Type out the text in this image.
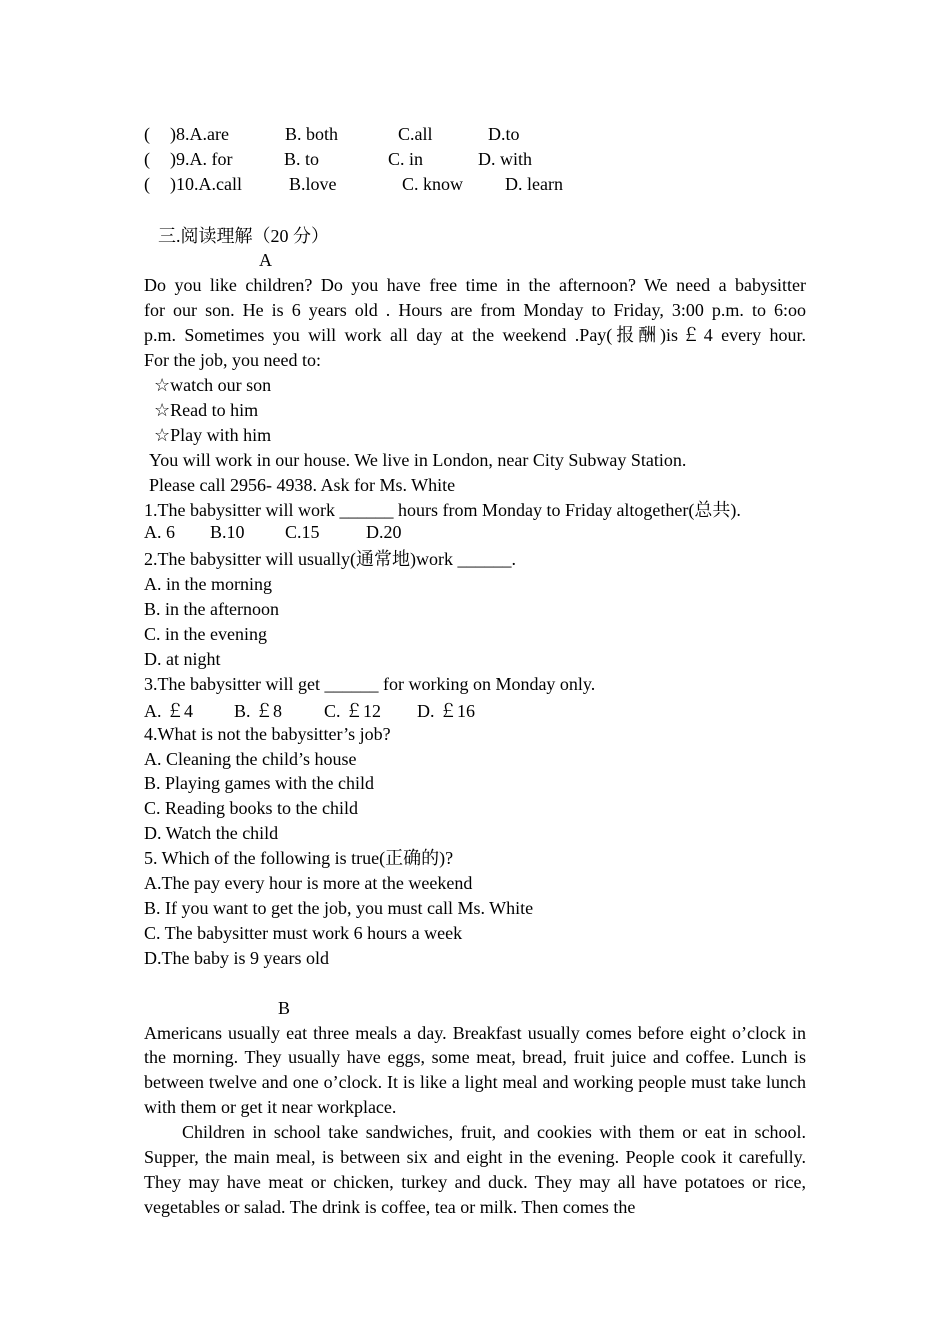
( )8.A.are	B. both	C.all	D.to
( )9.A. for	B. to	C. in	D. with
( )10.A.call	B.love	C. know D. learn
三.阅读理解（20 分）
A
Do you like children? Do you have free time in the afternoon? We need a babysitter
for our son. He is 6 years old . Hours are from Monday to Friday, 3:00 p.m. to 6:oo
p.m. Sometimes you will work all day at the weekend .Pay(报酬)is￡4 every hour.
For the job, you need to:
☆watch our son
☆Read to him
☆Play with him
You will work in our house. We live in London, near City Subway Station.
Please call 2956- 4938. Ask for Ms. White
1.The babysitter will work ______ hours from Monday to Friday altogether(总共).
A. 6 B.10 C.15	D.20
2.The babysitter will usually(通常地)work ______.
A. in the morning
B. in the afternoon
C. in the evening
D. at night
3.The babysitter will get ______ for working on Monday only.
A. ￡4 B. ￡8 C. ￡12 D. ￡16
4.What is not the babysitter’s job?
A. Cleaning the child’s house
B. Playing games with the child
C. Reading books to the child
D. Watch the child
5. Which of the following is true(正确的)?
A.The pay every hour is more at the weekend
B. If you want to get the job, you must call Ms. White
C. The babysitter must work 6 hours a week
D.The baby is 9 years old
B
Americans usually eat three meals a day. Breakfast usually comes before eight o’clock in the morning. They usually have eggs, some meat, bread, fruit juice and coffee. Lunch is between twelve and one o’clock. It is like a light meal and working people must take lunch with them or get it near workplace.
Children in school take sandwiches, fruit, and cookies with them or eat in school. Supper, the main meal, is between six and eight in the evening. People cook it carefully. They may have meat or chicken, turkey and duck. They may all have potatoes or rice, vegetables or salad. The drink is coffee, tea or milk. Then comes the
